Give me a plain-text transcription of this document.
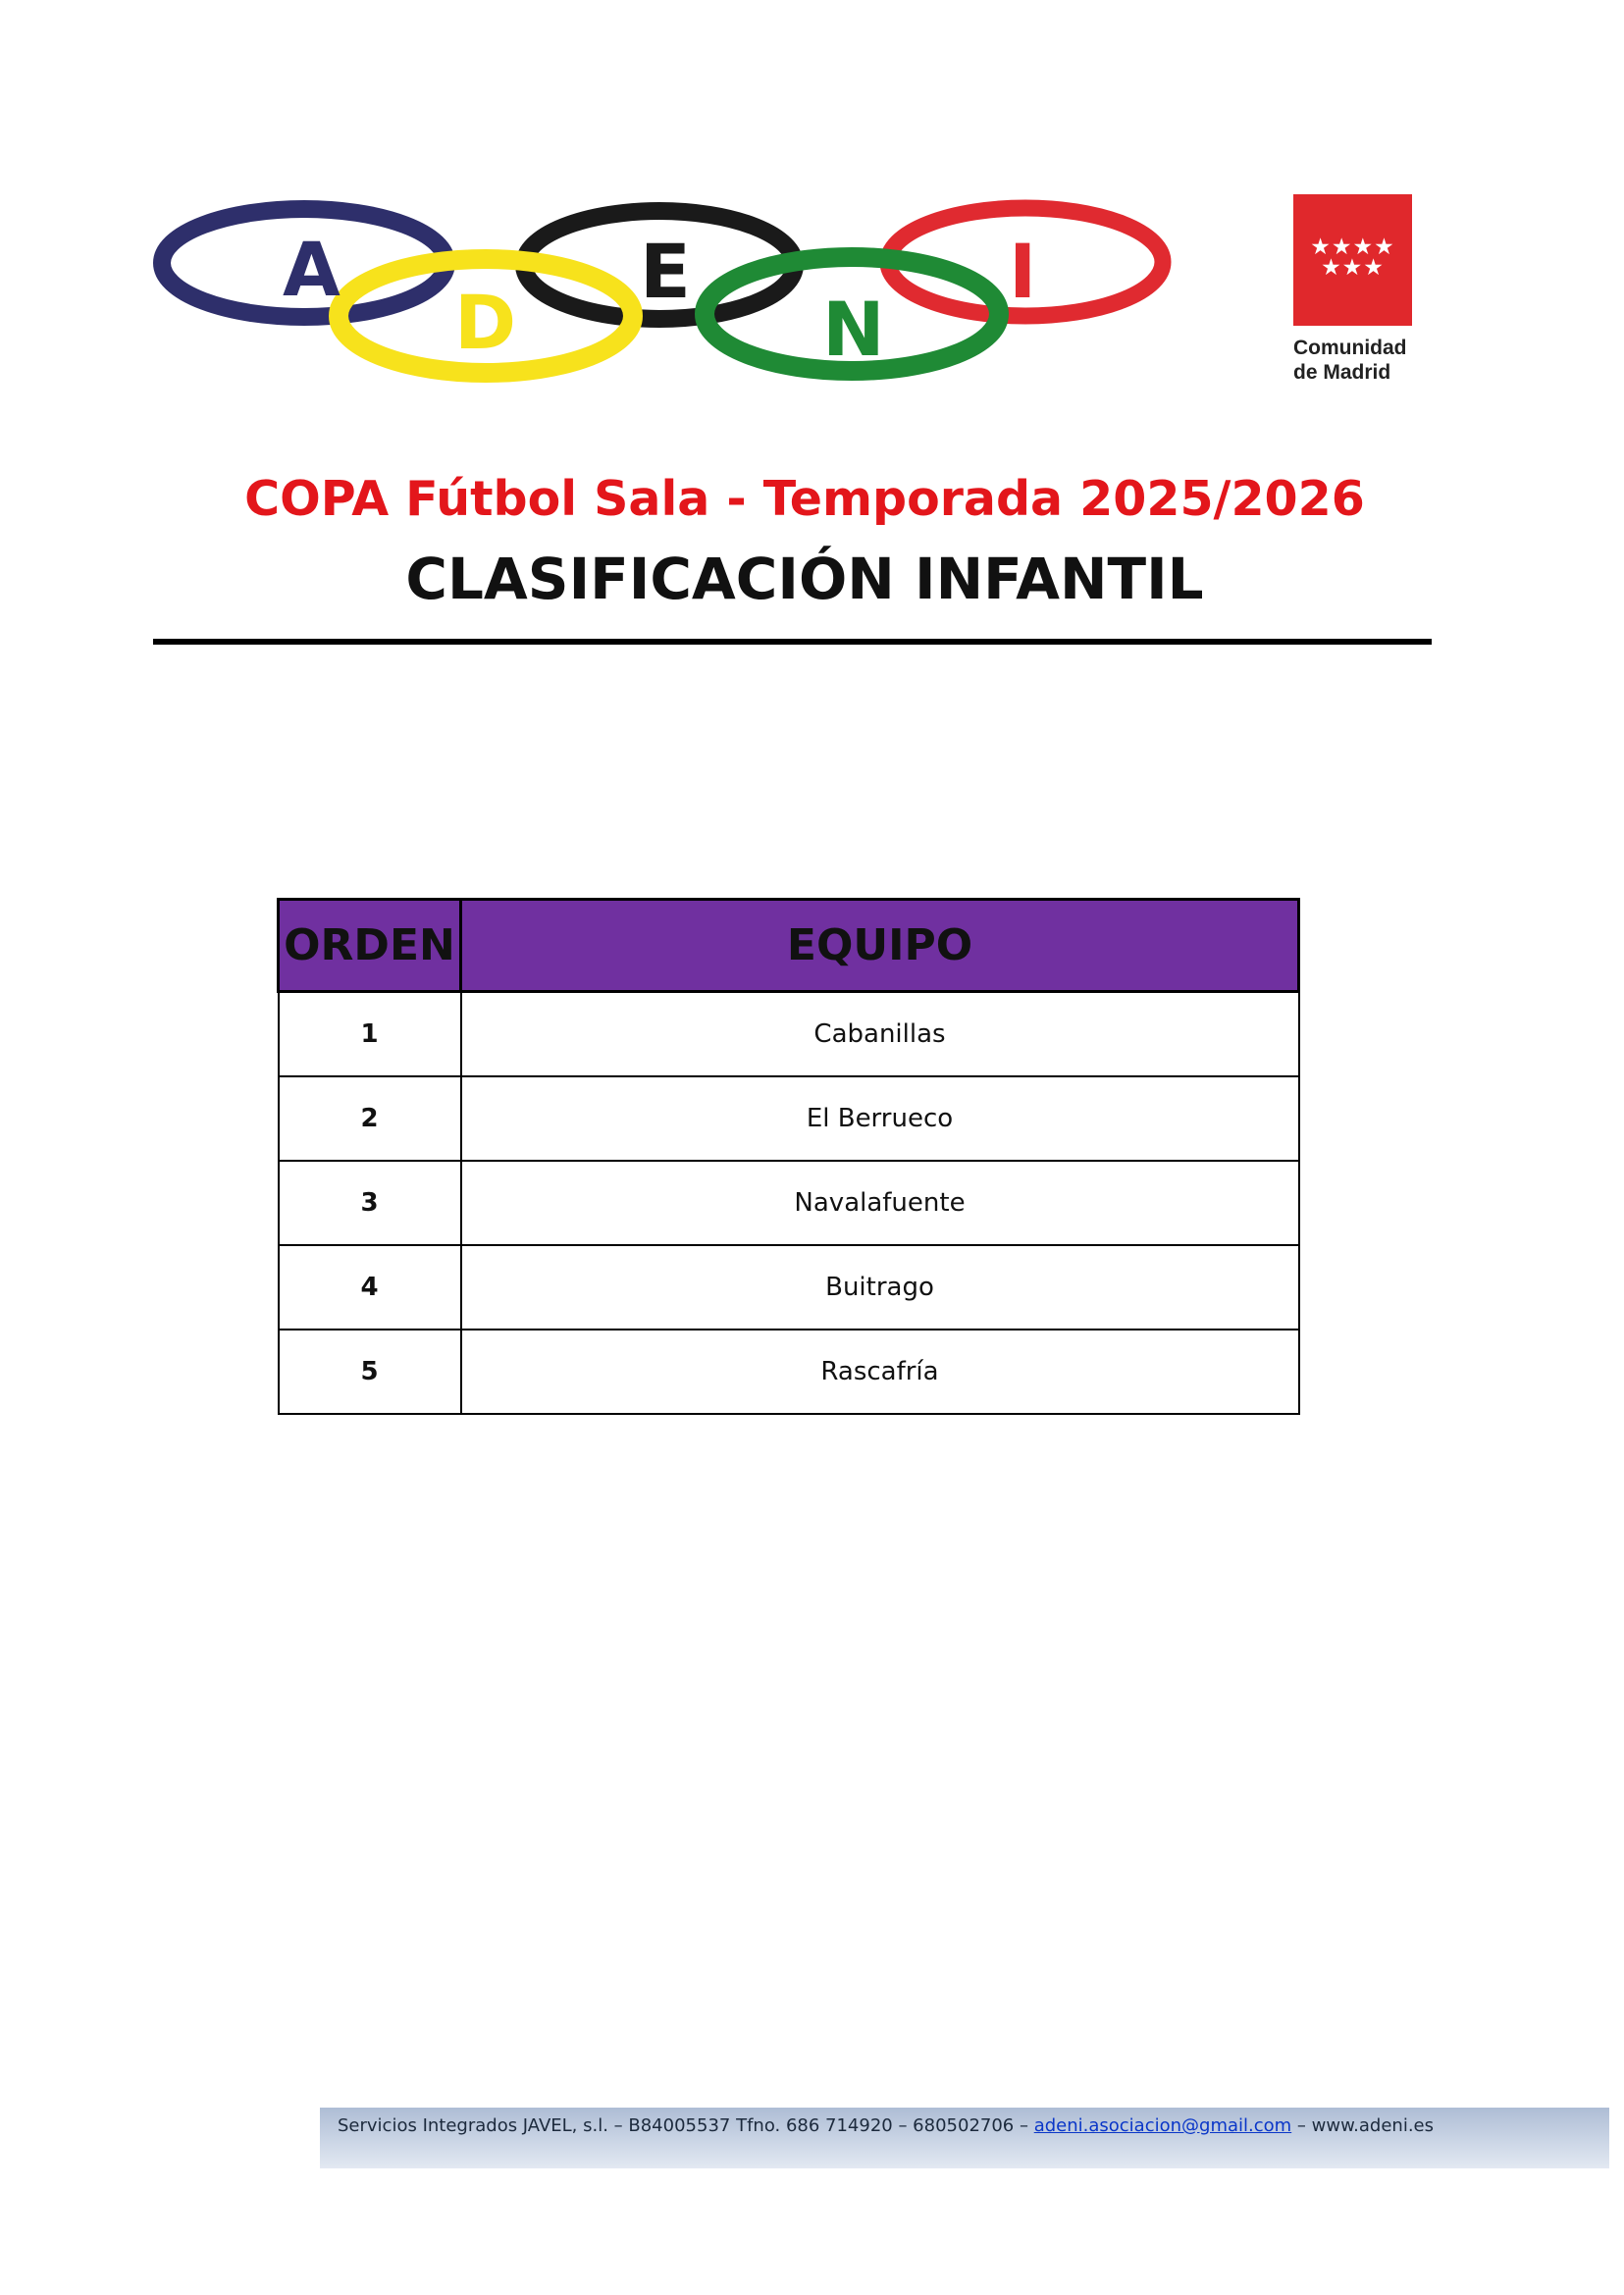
A
D
E
N
I	★★★★
★★★
Comunidad
de Madrid
COPA Fútbol Sala - Temporada 2025/2026
CLASIFICACIÓN INFANTIL
ORDEN	EQUIPO
1	Cabanillas
2	El Berrueco
3	Navalafuente
4	Buitrago
5	Rascafría
Servicios Integrados JAVEL, s.l. – B84005537 Tfno. 686 714920 – 680502706 – adeni.asociacion@gmail.com – www.adeni.es
